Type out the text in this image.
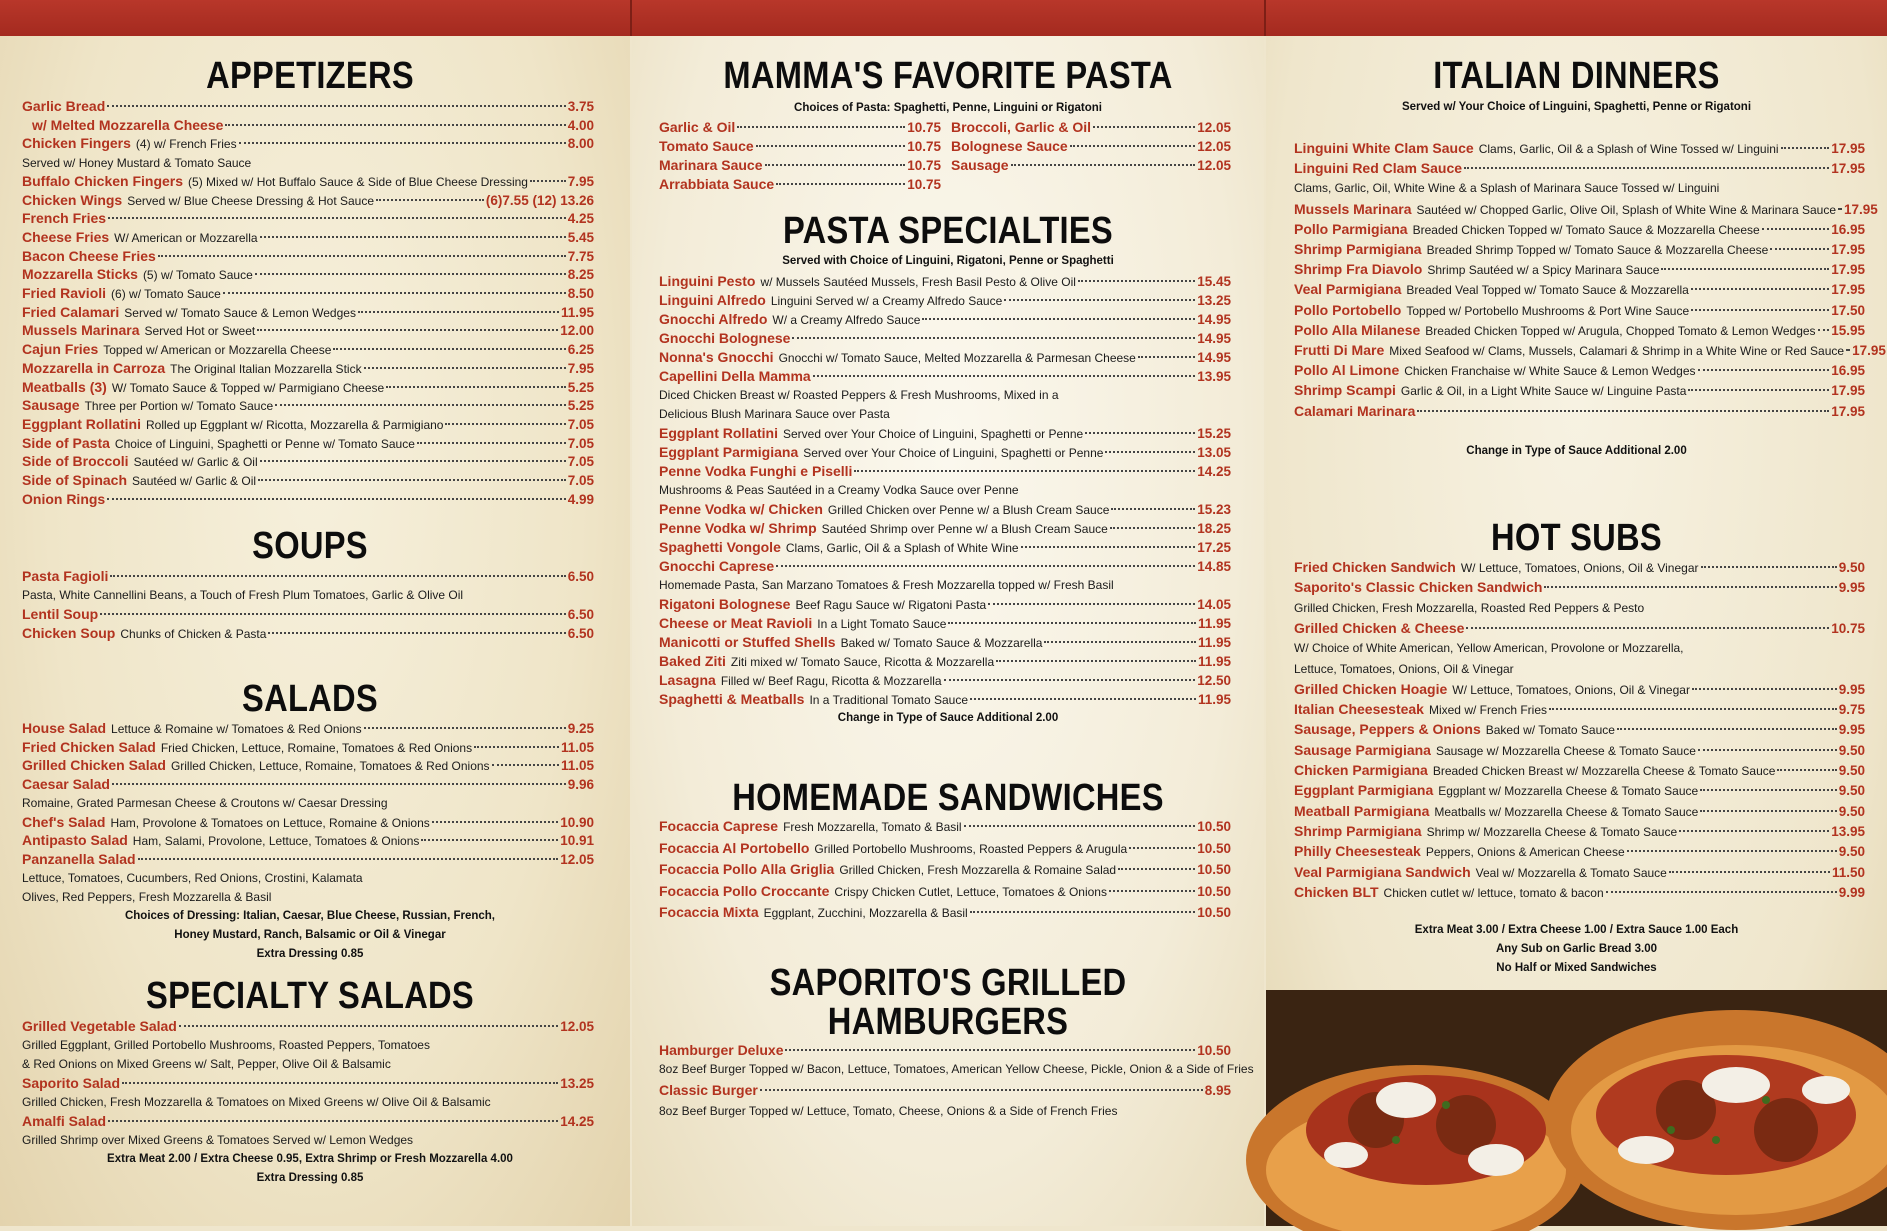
APPETIZERS
Garlic Bread	3.75
w/ Melted Mozzarella Cheese	4.00
Chicken Fingers (4) w/ French Fries	8.00
Buffalo Chicken Fingers (5) Mixed w/ Hot Buffalo Sauce & Side of Blue Cheese Dressing	7.95
Chicken Wings Served w/ Blue Cheese Dressing & Hot Sauce	(6)7.55 (12) 13.26
French Fries	4.25
Cheese Fries W/ American or Mozzarella	5.45
Bacon Cheese Fries	7.75
Mozzarella Sticks (5) w/ Tomato Sauce	8.25
Fried Ravioli (6) w/ Tomato Sauce	8.50
Fried Calamari Served w/ Tomato Sauce & Lemon Wedges	11.95
Mussels Marinara Served Hot or Sweet	12.00
Cajun Fries Topped w/ American or Mozzarella Cheese	6.25
Mozzarella in Carroza The Original Italian Mozzarella Stick	7.95
Meatballs (3) W/ Tomato Sauce & Topped w/ Parmigiano Cheese	5.25
Sausage Three per Portion w/ Tomato Sauce	5.25
Eggplant Rollatini Rolled up Eggplant w/ Ricotta, Mozzarella & Parmigiano	7.05
Side of Pasta Choice of Linguini, Spaghetti or Penne w/ Tomato Sauce	7.05
Side of Broccoli Sautéed w/ Garlic & Oil	7.05
Side of Spinach Sautéed w/ Garlic & Oil	7.05
Onion Rings	4.99
Served w/ Honey Mustard & Tomato Sauce
SOUPS
Pasta Fagioli	6.50
Lentil Soup	6.50
Chicken Soup Chunks of Chicken & Pasta	6.50
Pasta, White Cannellini Beans, a Touch of Fresh Plum Tomatoes, Garlic & Olive Oil
SALADS
House Salad Lettuce & Romaine w/ Tomatoes & Red Onions	9.25
Fried Chicken Salad Fried Chicken, Lettuce, Romaine, Tomatoes & Red Onions	11.05
Grilled Chicken Salad Grilled Chicken, Lettuce, Romaine, Tomatoes & Red Onions	11.05
Caesar Salad	9.96
Chef's Salad Ham, Provolone & Tomatoes on Lettuce, Romaine & Onions	10.90
Antipasto Salad Ham, Salami, Provolone, Lettuce, Tomatoes & Onions	10.91
Panzanella Salad	12.05
Romaine, Grated Parmesan Cheese & Croutons w/ Caesar Dressing
Lettuce, Tomatoes, Cucumbers, Red Onions, Crostini, Kalamata
Olives, Red Peppers, Fresh Mozzarella & Basil
Choices of Dressing: Italian, Caesar, Blue Cheese, Russian, French,
Honey Mustard, Ranch, Balsamic or Oil & Vinegar
Extra Dressing 0.85
SPECIALTY SALADS
Grilled Vegetable Salad	12.05
Grilled Eggplant, Grilled Portobello Mushrooms, Roasted Peppers, Tomatoes
& Red Onions on Mixed Greens w/ Salt, Pepper, Olive Oil & Balsamic
Saporito Salad	13.25
Grilled Chicken, Fresh Mozzarella & Tomatoes on Mixed Greens w/ Olive Oil & Balsamic
Amalfi Salad	14.25
Grilled Shrimp over Mixed Greens & Tomatoes Served w/ Lemon Wedges
Extra Meat 2.00 / Extra Cheese 0.95, Extra Shrimp or Fresh Mozzarella 4.00
Extra Dressing 0.85
MAMMA'S FAVORITE PASTA
Choices of Pasta: Spaghetti, Penne, Linguini or Rigatoni
Garlic & Oil	10.75
Tomato Sauce	10.75
Marinara Sauce	10.75
Arrabbiata Sauce	10.75
Broccoli, Garlic & Oil	12.05
Bolognese Sauce	12.05
Sausage	12.05
PASTA SPECIALTIES
Served with Choice of Linguini, Rigatoni, Penne or Spaghetti
Linguini Pesto w/ Mussels Sautéed Mussels, Fresh Basil Pesto & Olive Oil	15.45
Linguini Alfredo Linguini Served w/ a Creamy Alfredo Sauce	13.25
Gnocchi Alfredo W/ a Creamy Alfredo Sauce	14.95
Gnocchi Bolognese	14.95
Nonna's Gnocchi Gnocchi w/ Tomato Sauce, Melted Mozzarella & Parmesan Cheese	14.95
Capellini Della Mamma	13.95
Diced Chicken Breast w/ Roasted Peppers & Fresh Mushrooms, Mixed in a
Delicious Blush Marinara Sauce over Pasta
Eggplant Rollatini Served over Your Choice of Linguini, Spaghetti or Penne	15.25
Eggplant Parmigiana Served over Your Choice of Linguini, Spaghetti or Penne	13.05
Penne Vodka Funghi e Piselli	14.25
Mushrooms & Peas Sautéed in a Creamy Vodka Sauce over Penne
Penne Vodka w/ Chicken Grilled Chicken over Penne w/ a Blush Cream Sauce	15.23
Penne Vodka w/ Shrimp Sautéed Shrimp over Penne w/ a Blush Cream Sauce	18.25
Spaghetti Vongole Clams, Garlic, Oil & a Splash of White Wine	17.25
Gnocchi Caprese	14.85
Homemade Pasta, San Marzano Tomatoes & Fresh Mozzarella topped w/ Fresh Basil
Rigatoni Bolognese Beef Ragu Sauce w/ Rigatoni Pasta	14.05
Cheese or Meat Ravioli In a Light Tomato Sauce	11.95
Manicotti or Stuffed Shells Baked w/ Tomato Sauce & Mozzarella	11.95
Baked Ziti Ziti mixed w/ Tomato Sauce, Ricotta & Mozzarella	11.95
Lasagna Filled w/ Beef Ragu, Ricotta & Mozzarella	12.50
Spaghetti & Meatballs In a Traditional Tomato Sauce	11.95
Change in Type of Sauce Additional 2.00
HOMEMADE SANDWICHES
Focaccia Caprese Fresh Mozzarella, Tomato & Basil	10.50
Focaccia Al Portobello Grilled Portobello Mushrooms, Roasted Peppers & Arugula	10.50
Focaccia Pollo Alla Griglia Grilled Chicken, Fresh Mozzarella & Romaine Salad	10.50
Focaccia Pollo Croccante Crispy Chicken Cutlet, Lettuce, Tomatoes & Onions	10.50
Focaccia Mixta Eggplant, Zucchini, Mozzarella & Basil	10.50
SAPORITO'S GRILLED
HAMBURGERS
Hamburger Deluxe	10.50
8oz Beef Burger Topped w/ Bacon, Lettuce, Tomatoes, American Yellow Cheese, Pickle, Onion & a Side of Fries
Classic Burger	8.95
8oz Beef Burger Topped w/ Lettuce, Tomato, Cheese, Onions & a Side of French Fries
ITALIAN DINNERS
Served w/ Your Choice of Linguini, Spaghetti, Penne or Rigatoni
Linguini White Clam Sauce Clams, Garlic, Oil & a Splash of Wine Tossed w/ Linguini	17.95
Linguini Red Clam Sauce	17.95
Clams, Garlic, Oil, White Wine & a Splash of Marinara Sauce Tossed w/ Linguini
Mussels Marinara Sautéed w/ Chopped Garlic, Olive Oil, Splash of White Wine & Marinara Sauce 17.95
Pollo Parmigiana Breaded Chicken Topped w/ Tomato Sauce & Mozzarella Cheese	16.95
Shrimp Parmigiana Breaded Shrimp Topped w/ Tomato Sauce & Mozzarella Cheese	17.95
Shrimp Fra Diavolo Shrimp Sautéed w/ a Spicy Marinara Sauce	17.95
Veal Parmigiana Breaded Veal Topped w/ Tomato Sauce & Mozzarella	17.95
Pollo Portobello Topped w/ Portobello Mushrooms & Port Wine Sauce	17.50
Pollo Alla Milanese Breaded Chicken Topped w/ Arugula, Chopped Tomato & Lemon Wedges 15.95
Frutti Di Mare Mixed Seafood w/ Clams, Mussels, Calamari & Shrimp in a White Wine or Red Sauce 17.95
Pollo Al Limone Chicken Franchaise w/ White Sauce & Lemon Wedges	16.95
Shrimp Scampi Garlic & Oil, in a Light White Sauce w/ Linguine Pasta	17.95
Calamari Marinara	17.95
Change in Type of Sauce Additional 2.00
HOT SUBS
Fried Chicken Sandwich W/ Lettuce, Tomatoes, Onions, Oil & Vinegar	9.50
Saporito's Classic Chicken Sandwich	9.95
Grilled Chicken, Fresh Mozzarella, Roasted Red Peppers & Pesto
Grilled Chicken & Cheese	10.75
W/ Choice of White American, Yellow American, Provolone or Mozzarella,
Lettuce, Tomatoes, Onions, Oil & Vinegar
Grilled Chicken Hoagie W/ Lettuce, Tomatoes, Onions, Oil & Vinegar	9.95
Italian Cheesesteak Mixed w/ French Fries	9.75
Sausage, Peppers & Onions Baked w/ Tomato Sauce	9.95
Sausage Parmigiana Sausage w/ Mozzarella Cheese & Tomato Sauce	9.50
Chicken Parmigiana Breaded Chicken Breast w/ Mozzarella Cheese & Tomato Sauce	9.50
Eggplant Parmigiana Eggplant w/ Mozzarella Cheese & Tomato Sauce	9.50
Meatball Parmigiana Meatballs w/ Mozzarella Cheese & Tomato Sauce	9.50
Shrimp Parmigiana Shrimp w/ Mozzarella Cheese & Tomato Sauce	13.95
Philly Cheesesteak Peppers, Onions & American Cheese	9.50
Veal Parmigiana Sandwich Veal w/ Mozzarella & Tomato Sauce	11.50
Chicken BLT Chicken cutlet w/ lettuce, tomato & bacon	9.99
Extra Meat 3.00 / Extra Cheese 1.00 / Extra Sauce 1.00 Each
Any Sub on Garlic Bread 3.00
No Half or Mixed Sandwiches
